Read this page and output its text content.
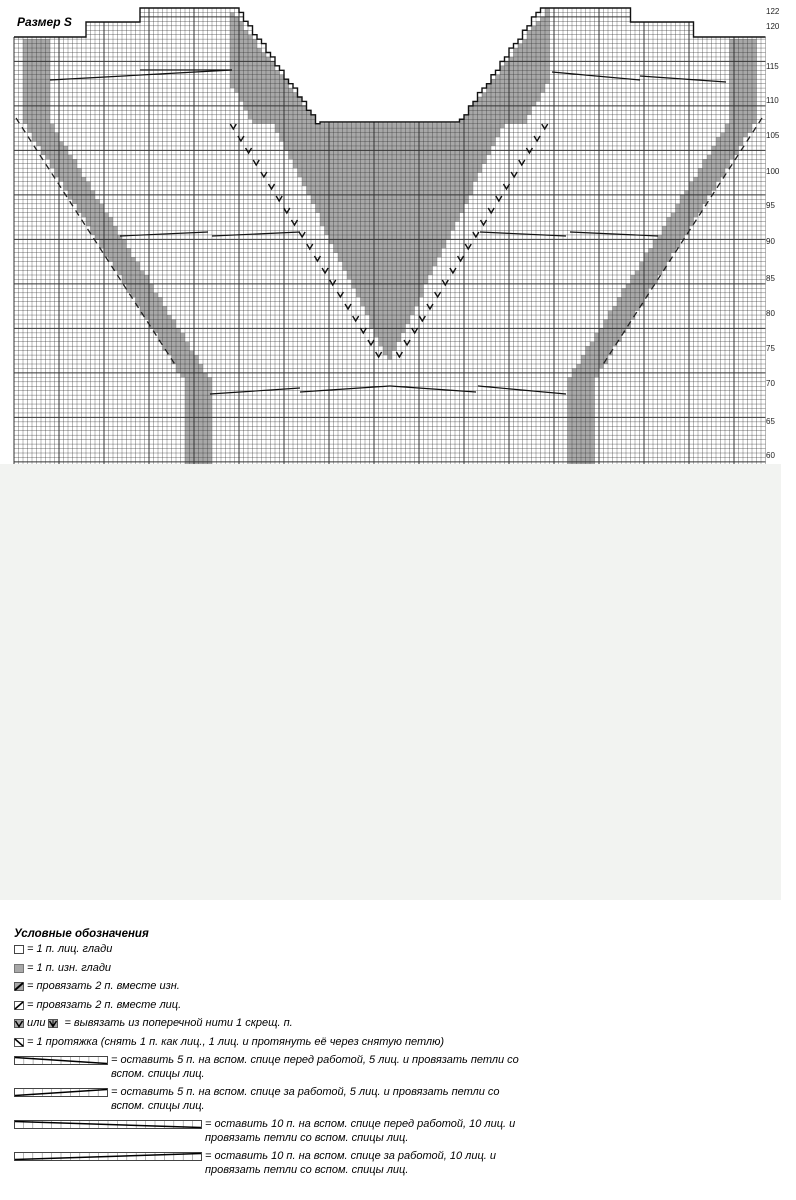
Размер S
122
120
115
110
105
100
95
90
85
80
75
70
65
60
Условные обозначения
= 1 п. лиц. глади
= 1 п. изн. глади
= провязать 2 п. вместе изн.
= провязать 2 п. вместе лиц.
или = вывязать из поперечной нити 1 скрещ. п.
= 1 протяжка (снять 1 п. как лиц., 1 лиц. и протянуть её через снятую петлю)
= оставить 5 п. на вспом. спице перед работой, 5 лиц. и провязать петли со вспом. спицы лиц.
= оставить 5 п. на вспом. спице за работой, 5 лиц. и провязать петли со вспом. спицы лиц.
= оставить 10 п. на вспом. спице перед работой, 10 лиц. и провязать петли со вспом. спицы лиц.
= оставить 10 п. на вспом. спице за работой, 10 лиц. и провязать петли со вспом. спицы лиц.
